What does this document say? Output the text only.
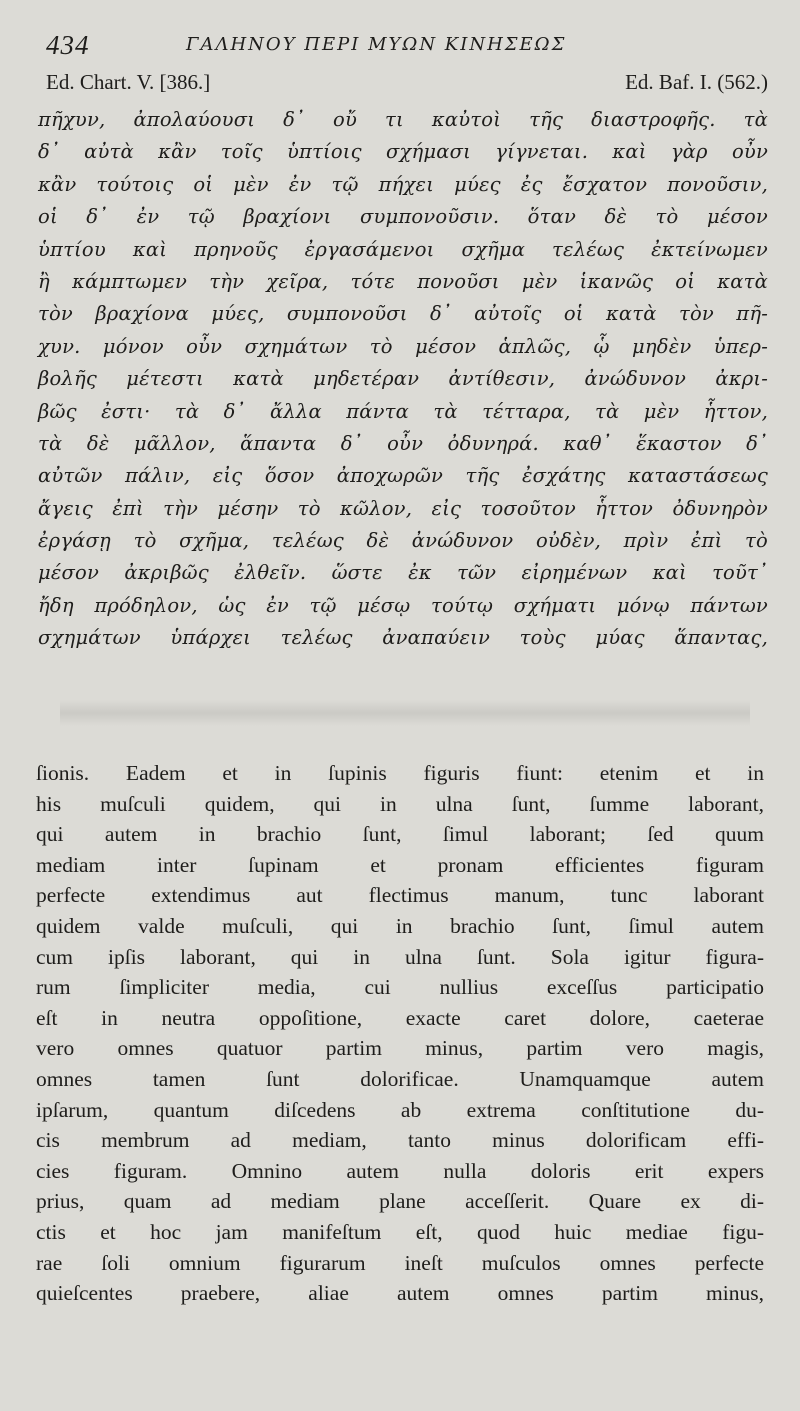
434	ΓΑΛΗΝΟΥ ΠΕΡΙ ΜΥΩΝ ΚΙΝΗΣΕΩΣ
Ed. Chart. V. [386.]	Ed. Baf. I. (562.)
πῆχυν, ἀπολαύουσι δ᾽ οὔ τι καὐτοὶ τῆς διαστροφῆς. τὰ
δ᾽ αὐτὰ κἂν τοῖς ὑπτίοις σχήμασι γίγνεται. καὶ γὰρ οὖν
κἂν τούτοις οἱ μὲν ἐν τῷ πήχει μύες ἐς ἔσχατον πονοῦσιν,
οἱ δ᾽ ἐν τῷ βραχίονι συμπονοῦσιν. ὅταν δὲ τὸ μέσον
ὑπτίου καὶ πρηνοῦς ἐργασάμενοι σχῆμα τελέως ἐκτείνωμεν
ἢ κάμπτωμεν τὴν χεῖρα, τότε πονοῦσι μὲν ἱκανῶς οἱ κατὰ
τὸν βραχίονα μύες, συμπονοῦσι δ᾽ αὐτοῖς οἱ κατὰ τὸν πῆ-
χυν. μόνον οὖν σχημάτων τὸ μέσον ἁπλῶς, ᾧ μηδὲν ὑπερ-
βολῆς μέτεστι κατὰ μηδετέραν ἀντίθεσιν, ἀνώδυνον ἀκρι-
βῶς ἐστι· τὰ δ᾽ ἄλλα πάντα τὰ τέτταρα, τὰ μὲν ἧττον,
τὰ δὲ μᾶλλον, ἅπαντα δ᾽ οὖν ὀδυνηρά. καθ᾽ ἕκαστον δ᾽
αὐτῶν πάλιν, εἰς ὅσον ἀποχωρῶν τῆς ἐσχάτης καταστάσεως
ἄγεις ἐπὶ τὴν μέσην τὸ κῶλον, εἰς τοσοῦτον ἧττον ὀδυνηρὸν
ἐργάσῃ τὸ σχῆμα, τελέως δὲ ἀνώδυνον οὐδὲν, πρὶν ἐπὶ τὸ
μέσον ἀκριβῶς ἐλθεῖν. ὥστε ἐκ τῶν εἰρημένων καὶ τοῦτ᾽
ἤδη πρόδηλον, ὡς ἐν τῷ μέσῳ τούτῳ σχήματι μόνῳ πάντων
σχημάτων ὑπάρχει τελέως ἀναπαύειν τοὺς μύας ἅπαντας,
ſionis. Eadem et in ſupinis figuris fiunt: etenim et in
his muſculi quidem, qui in ulna ſunt, ſumme laborant,
qui autem in brachio ſunt, ſimul laborant; ſed quum
mediam inter ſupinam et pronam efficientes figuram
perfecte extendimus aut flectimus manum, tunc laborant
quidem valde muſculi, qui in brachio ſunt, ſimul autem
cum ipſis laborant, qui in ulna ſunt. Sola igitur figura-
rum ſimpliciter media, cui nullius exceſſus participatio
eſt in neutra oppoſitione, exacte caret dolore, caeterae
vero omnes quatuor partim minus, partim vero magis,
omnes tamen ſunt dolorificae. Unamquamque autem
ipſarum, quantum diſcedens ab extrema conſtitutione du-
cis membrum ad mediam, tanto minus dolorificam effi-
cies figuram. Omnino autem nulla doloris erit expers
prius, quam ad mediam plane acceſſerit. Quare ex di-
ctis et hoc jam manifeſtum eſt, quod huic mediae figu-
rae ſoli omnium figurarum ineſt muſculos omnes perfecte
quieſcentes praebere, aliae autem omnes partim minus,
